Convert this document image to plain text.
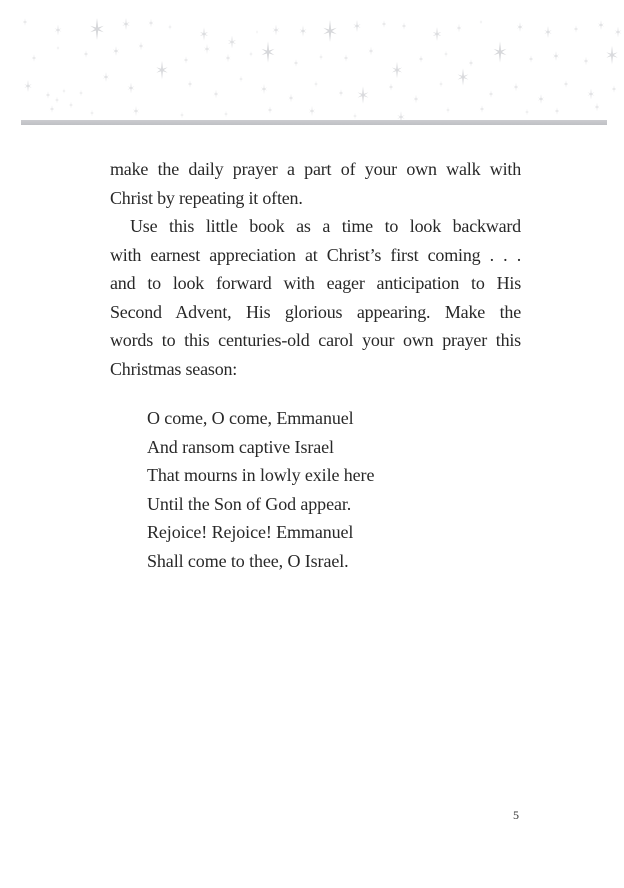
make the daily prayer a part of your own walk with

Christ by repeating it often.

Use this little book as a time to look backward

with earnest appreciation at Christ’s first coming . . .

and to look forward with eager anticipation to His

Second Advent, His glorious appearing. Make the

words to this centuries-old carol your own prayer this

Christmas season:

O come, O come, Emmanuel

And ransom captive Israel

That mourns in lowly exile here

Until the Son of God appear.

Rejoice! Rejoice! Emmanuel

Shall come to thee, O Israel.

5
